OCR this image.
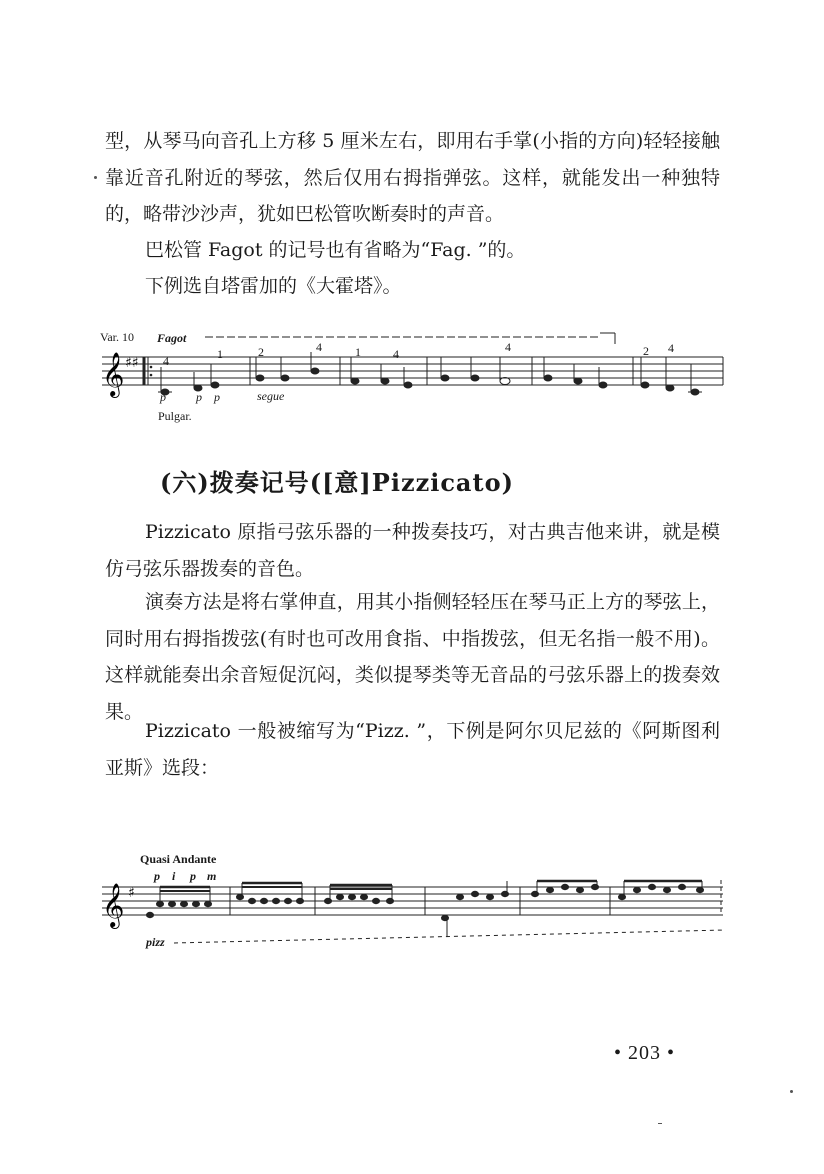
型，从琴马向音孔上方移 5 厘米左右，即用右手掌(小指的方向)轻轻接触靠近音孔附近的琴弦，然后仅用右拇指弹弦。这样，就能发出一种独特的，略带沙沙声，犹如巴松管吹断奏时的声音。

巴松管 Fagot 的记号也有省略为“Fag. ”的。

下例选自塔雷加的《大霍塔》。

Var. 10 Fagot
𝄞 ♯♯
p	p p	segue
Pulgar.
4	1	2	4	1	4	4	2 4
(六)拨奏记号([意]Pizzicato)

Pizzicato 原指弓弦乐器的一种拨奏技巧，对古典吉他来讲，就是模仿弓弦乐器拨奏的音色。

演奏方法是将右掌伸直，用其小指侧轻轻压在琴马正上方的琴弦上，同时用右拇指拨弦(有时也可改用食指、中指拨弦，但无名指一般不用)。这样就能奏出余音短促沉闷，类似提琴类等无音品的弓弦乐器上的拨奏效果。

Pizzicato 一般被缩写为“Pizz. ”，下例是阿尔贝尼兹的《阿斯图利亚斯》选段：

Quasi Andante
p i p m
𝄞 ♯
pizz
• 203 •
